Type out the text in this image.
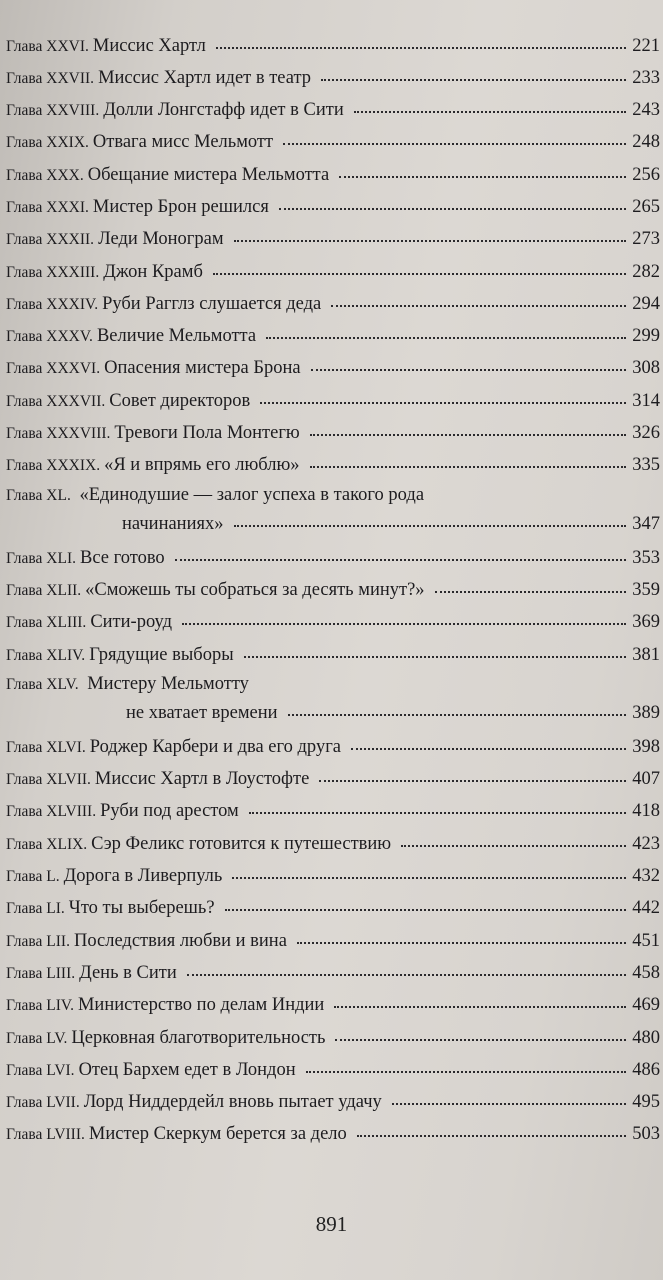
Глава XXVI. Миссис Хартл	221
Глава XXVII. Миссис Хартл идет в театр	233
Глава XXVIII. Долли Лонгстафф идет в Сити	243
Глава XXIX. Отвага мисс Мельмотт	248
Глава XXX. Обещание мистера Мельмотта	256
Глава XXXI. Мистер Брон решился	265
Глава XXXII. Леди Монограм	273
Глава XXXIII. Джон Крамб	282
Глава XXXIV. Руби Рагглз слушается деда	294
Глава XXXV. Величие Мельмотта	299
Глава XXXVI. Опасения мистера Брона	308
Глава XXXVII. Совет директоров	314
Глава XXXVIII. Тревоги Пола Монтегю	326
Глава XXXIX. «Я и впрямь его люблю»	335
Глава XL. «Единодушие — залог успеха в такого рода
начинаниях»	347
Глава XLI. Все готово	353
Глава XLII. «Сможешь ты собраться за десять минут?»	359
Глава XLIII. Сити-роуд	369
Глава XLIV. Грядущие выборы	381
Глава XLV. Мистеру Мельмотту
не хватает времени	389
Глава XLVI. Роджер Карбери и два его друга	398
Глава XLVII. Миссис Хартл в Лоустофте	407
Глава XLVIII. Руби под арестом	418
Глава XLIX. Сэр Феликс готовится к путешествию	423
Глава L. Дорога в Ливерпуль	432
Глава LI. Что ты выберешь?	442
Глава LII. Последствия любви и вина	451
Глава LIII. День в Сити	458
Глава LIV. Министерство по делам Индии	469
Глава LV. Церковная благотворительность	480
Глава LVI. Отец Бархем едет в Лондон	486
Глава LVII. Лорд Ниддердейл вновь пытает удачу	495
Глава LVIII. Мистер Скеркум берется за дело	503
891
